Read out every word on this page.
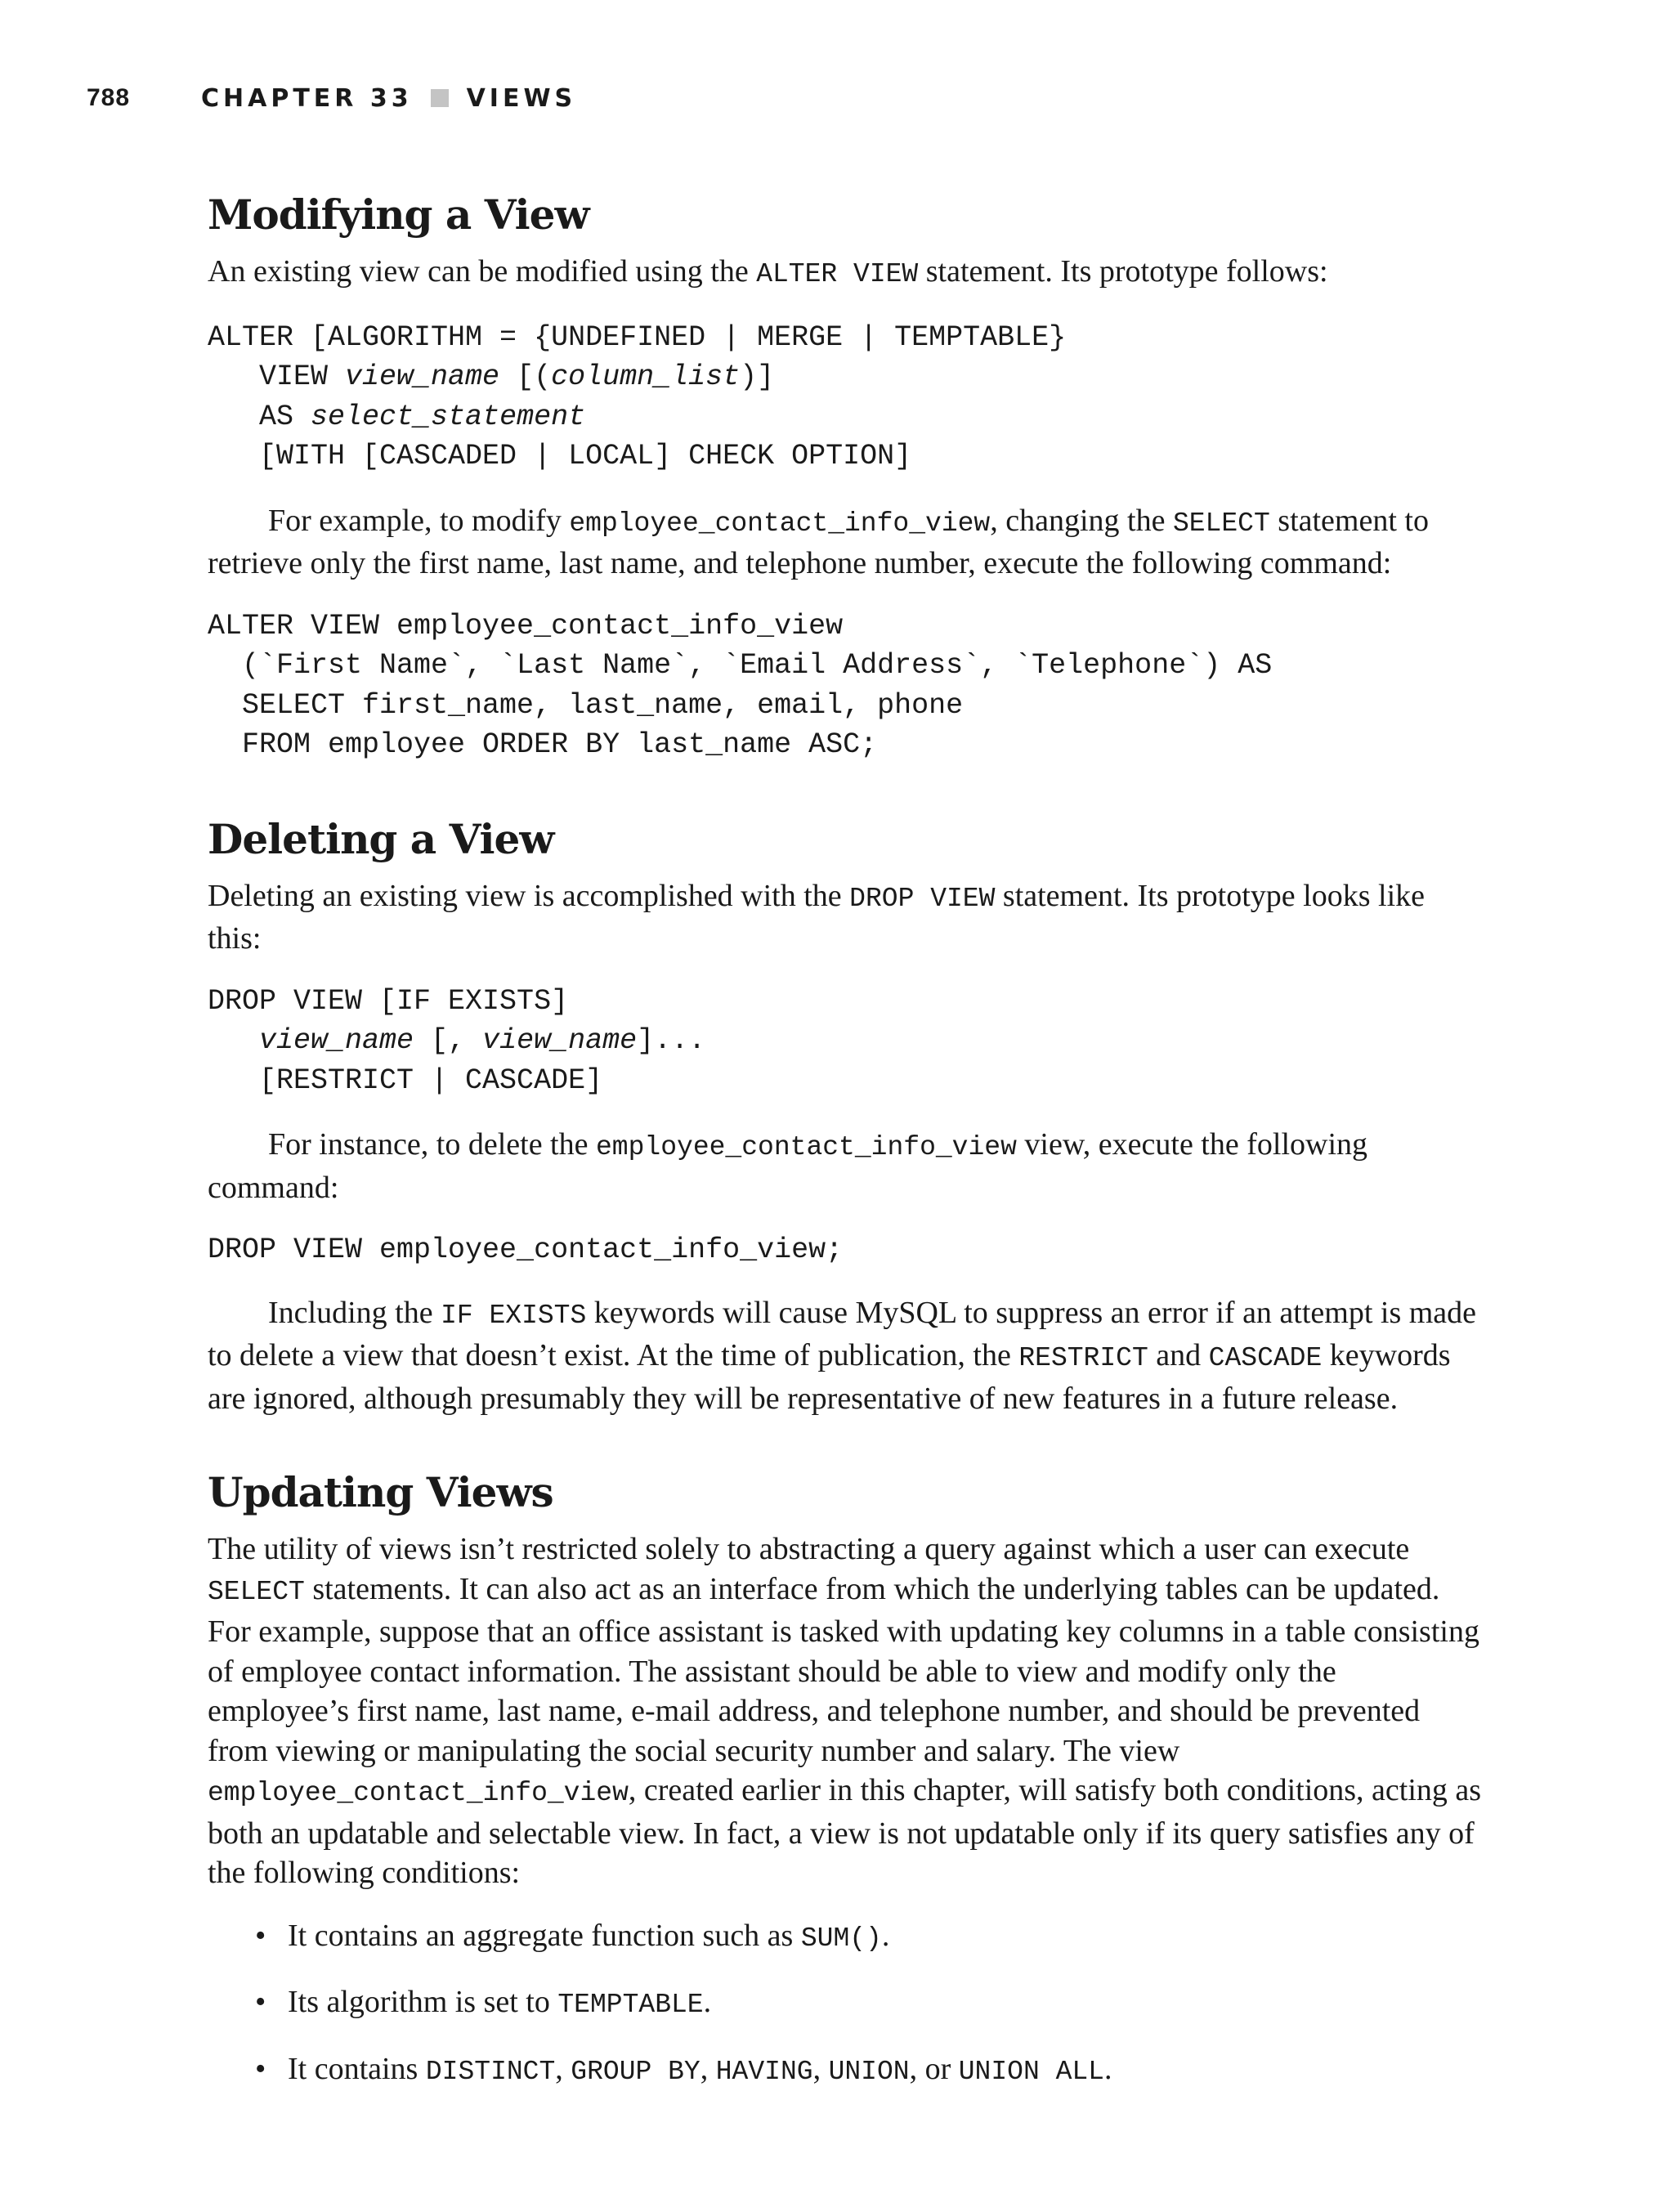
788	CHAPTER 33 VIEWS
Modifying a View

An existing view can be modified using the ALTER VIEW statement. Its prototype follows:

ALTER [ALGORITHM = {UNDEFINED | MERGE | TEMPTABLE}
VIEW view_name [(column_list)]
AS select_statement
[WITH [CASCADED | LOCAL] CHECK OPTION]

For example, to modify employee_contact_info_view, changing the SELECT statement to retrieve only the first name, last name, and telephone number, execute the following command:

ALTER VIEW employee_contact_info_view
(`First Name`, `Last Name`, `Email Address`, `Telephone`) AS
SELECT first_name, last_name, email, phone
FROM employee ORDER BY last_name ASC;
Deleting a View

Deleting an existing view is accomplished with the DROP VIEW statement. Its prototype looks like this:

DROP VIEW [IF EXISTS]
view_name [, view_name]...
[RESTRICT | CASCADE]

For instance, to delete the employee_contact_info_view view, execute the following command:

DROP VIEW employee_contact_info_view;

Including the IF EXISTS keywords will cause MySQL to suppress an error if an attempt is made to delete a view that doesn’t exist. At the time of publication, the RESTRICT and CASCADE keywords are ignored, although presumably they will be representative of new features in a future release.

Updating Views

The utility of views isn’t restricted solely to abstracting a query against which a user can execute SELECT statements. It can also act as an interface from which the underlying tables can be updated. For example, suppose that an office assistant is tasked with updating key columns in a table consisting of employee contact information. The assistant should be able to view and modify only the employee’s first name, last name, e-mail address, and telephone number, and should be prevented from viewing or manipulating the social security number and salary. The view employee_contact_info_view, created earlier in this chapter, will satisfy both conditions, acting as both an updatable and selectable view. In fact, a view is not updatable only if its query satisfies any of the following conditions:

• It contains an aggregate function such as SUM().
• Its algorithm is set to TEMPTABLE.
• It contains DISTINCT, GROUP BY, HAVING, UNION, or UNION ALL.
